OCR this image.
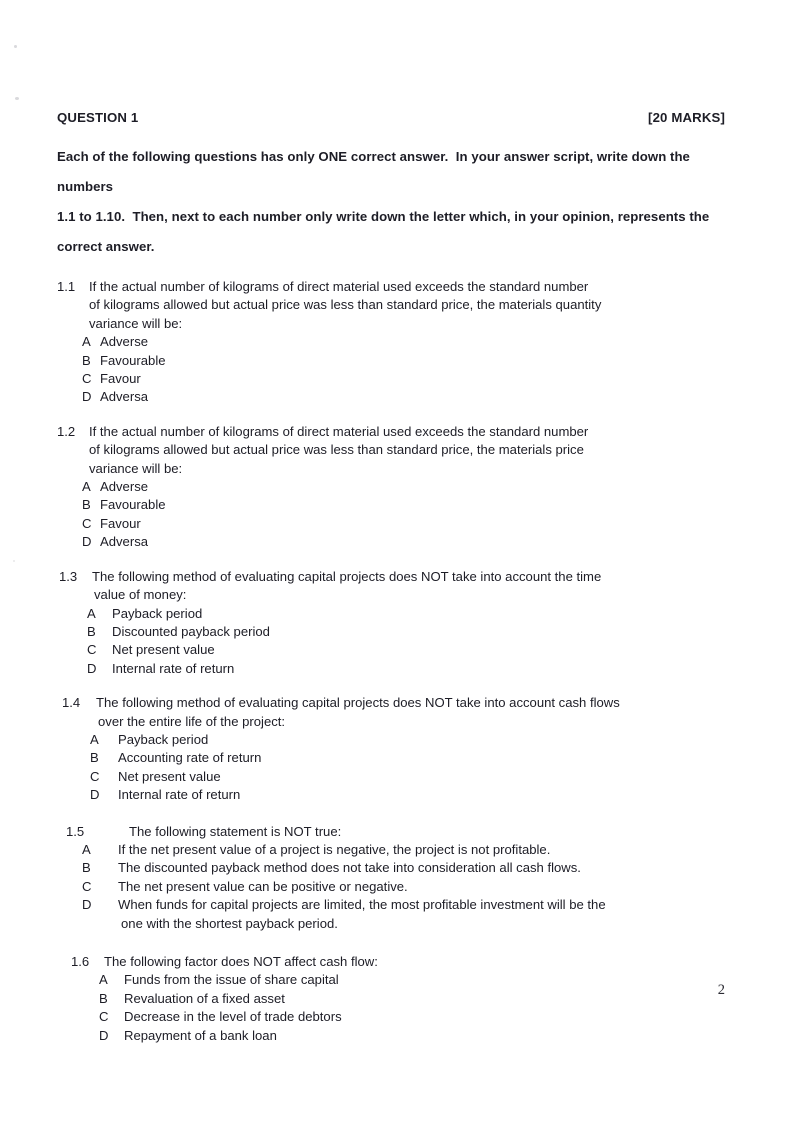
QUESTION 1	[20 MARKS]
Each of the following questions has only ONE correct answer.  In your answer script, write down the numbers
1.1 to 1.10.  Then, next to each number only write down the letter which, in your opinion, represents the
correct answer.
1.1	If the actual number of kilograms of direct material used exceeds the standard number
of kilograms allowed but actual price was less than standard price, the materials quantity
variance will be:
A Adverse
B Favourable
C Favour
D Adversa
1.2	If the actual number of kilograms of direct material used exceeds the standard number
of kilograms allowed but actual price was less than standard price, the materials price
variance will be:
A Adverse
B Favourable
C Favour
D Adversa
1.3	The following method of evaluating capital projects does NOT take into account the time
value of money:
A	Payback period
B	Discounted payback period
C	Net present value
D	Internal rate of return
1.4	The following method of evaluating capital projects does NOT take into account cash flows
over the entire life of the project:
A	Payback period
B	Accounting rate of return
C	Net present value
D	Internal rate of return
1.5	The following statement is NOT true:
A	If the net present value of a project is negative, the project is not profitable.
B	The discounted payback method does not take into consideration all cash flows.
C	The net present value can be positive or negative.
D	When funds for capital projects are limited, the most profitable investment will be the
one with the shortest payback period.
1.6	The following factor does NOT affect cash flow:
A	Funds from the issue of share capital
B	Revaluation of a fixed asset
C	Decrease in the level of trade debtors
D	Repayment of a bank loan
2
